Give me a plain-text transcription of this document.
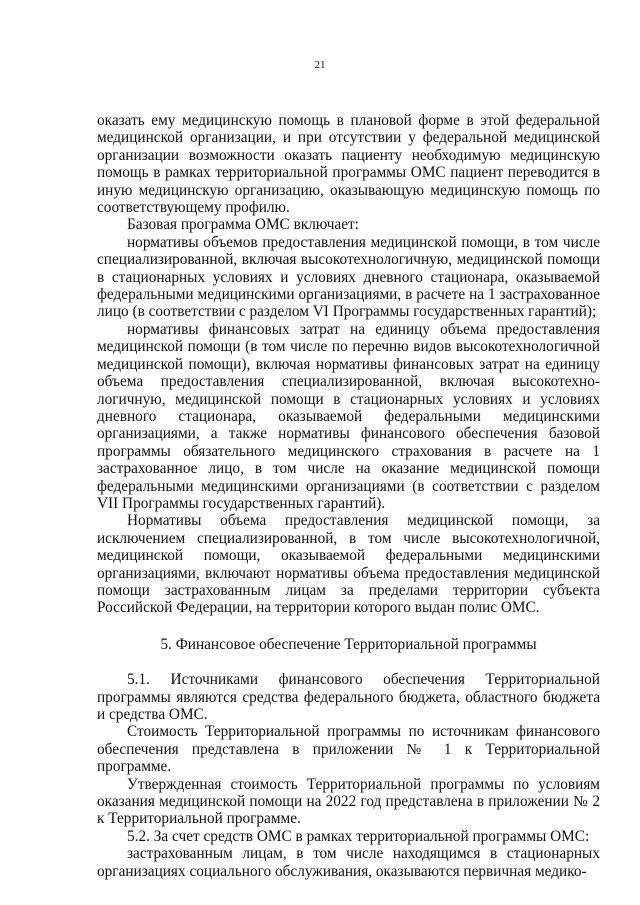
21

оказать ему медицинскую помощь в плановой форме в этой федеральной медицинской организации, и при отсутствии у федеральной медицинской организации возможности оказать пациенту необходимую медицинскую помощь в рамках территориальной программы ОМС пациент переводится в иную медицинскую организацию, оказывающую медицинскую помощь по соответствующему профилю.

Базовая программа ОМС включает:

нормативы объемов предоставления медицинской помощи, в том числе специализированной, включая высокотехнологичную, медицинской помощи в стационарных условиях и условиях дневного стационара, оказываемой федеральными медицинскими организациями, в расчете на 1 застрахованное лицо (в соответствии с разделом VI Программы государственных гарантий);

нормативы финансовых затрат на единицу объема предоставления медицинской помощи (в том числе по перечню видов высокотехнологичной медицинской помощи), включая нормативы финансовых затрат на единицу объема предоставления специализированной, включая высокотехнологичную, медицинской помощи в стационарных условиях и условиях дневного стационара, оказываемой федеральными медицинскими организациями, а также нормативы финансового обеспечения базовой программы обязательного медицинского страхования в расчете на 1 застрахованное лицо, в том числе на оказание медицинской помощи федеральными медицинскими организациями (в соответствии с разделом VII Программы государственных гарантий).

Нормативы объема предоставления медицинской помощи, за исключением специализированной, в том числе высокотехнологичной, медицинской помощи, оказываемой федеральными медицинскими организациями, включают нормативы объема предоставления медицинской помощи застрахованным лицам за пределами территории субъекта Российской Федерации, на территории которого выдан полис ОМС.

5. Финансовое обеспечение Территориальной программы

5.1. Источниками финансового обеспечения Территориальной программы являются средства федерального бюджета, областного бюджета и средства ОМС.

Стоимость Территориальной программы по источникам финансового обеспечения представлена в приложении № 1 к Территориальной программе.

Утвержденная стоимость Территориальной программы по условиям оказания медицинской помощи на 2022 год представлена в приложении № 2 к Территориальной программе.

5.2. За счет средств ОМС в рамках территориальной программы ОМС:

застрахованным лицам, в том числе находящимся в стационарных организациях социального обслуживания, оказываются первичная медико-
